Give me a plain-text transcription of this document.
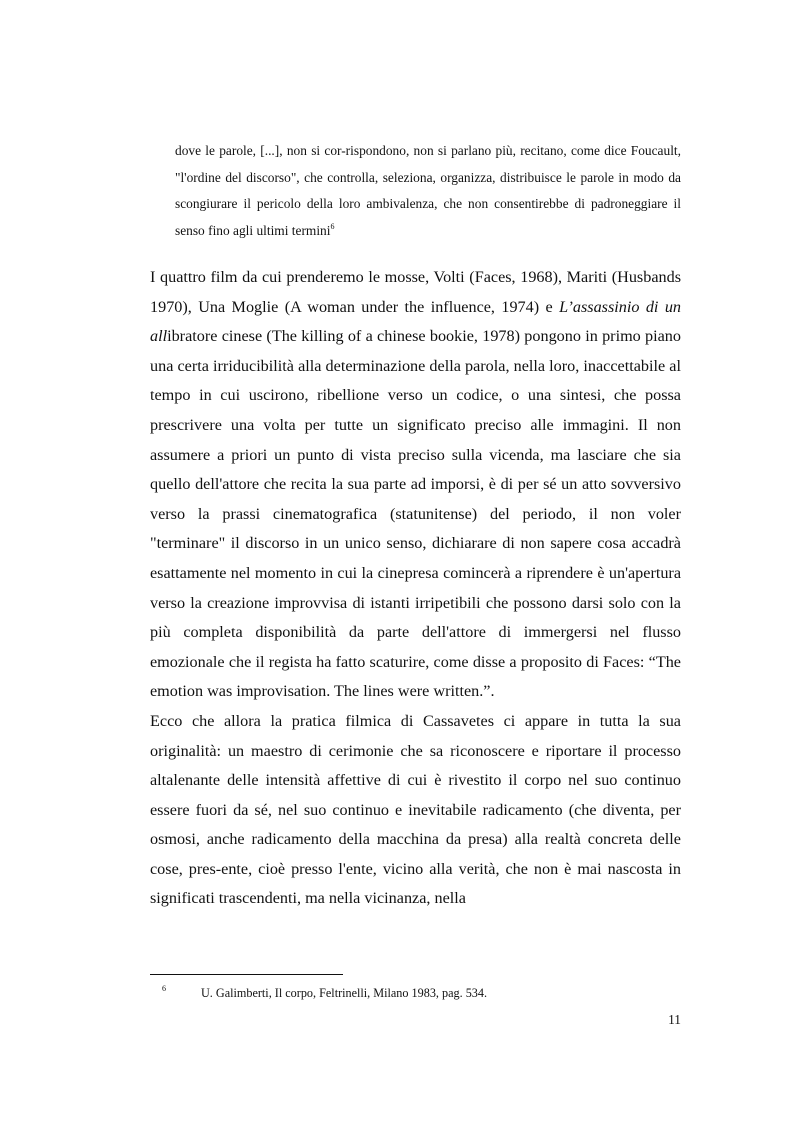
dove le parole, [...], non si cor-rispondono, non si parlano più, recitano, come dice Foucault, "l'ordine del discorso", che controlla, seleziona, organizza, distribuisce le parole in modo da scongiurare il pericolo della loro ambivalenza, che non consentirebbe di padroneggiare il senso fino agli ultimi termini$^6$

I quattro film da cui prenderemo le mosse, Volti (Faces, 1968), Mariti (Husbands 1970), Una Moglie (A woman under the influence, 1974) e L’assassinio di un allibratore cinese (The killing of a chinese bookie, 1978) pongono in primo piano una certa irriducibilità alla determinazione della parola, nella loro, inaccettabile al tempo in cui uscirono, ribellione verso un codice, o una sintesi, che possa prescrivere una volta per tutte un significato preciso alle immagini. Il non assumere a priori un punto di vista preciso sulla vicenda, ma lasciare che sia quello dell'attore che recita la sua parte ad imporsi, è di per sé un atto sovversivo verso la prassi cinematografica (statunitense) del periodo, il non voler "terminare" il discorso in un unico senso, dichiarare di non sapere cosa accadrà esattamente nel momento in cui la cinepresa comincerà a riprendere è un'apertura verso la creazione improvvisa di istanti irripetibili che possono darsi solo con la più completa disponibilità da parte dell'attore di immergersi nel flusso emozionale che il regista ha fatto scaturire, come disse a proposito di Faces: “The emotion was improvisation. The lines were written.”.

Ecco che allora la pratica filmica di Cassavetes ci appare in tutta la sua originalità: un maestro di cerimonie che sa riconoscere e riportare il processo altalenante delle intensità affettive di cui è rivestito il corpo nel suo continuo essere fuori da sé, nel suo continuo e inevitabile radicamento (che diventa, per osmosi, anche radicamento della macchina da presa) alla realtà concreta delle cose, pres-ente, cioè presso l'ente, vicino alla verità, che non è mai nascosta in significati trascendenti, ma nella vicinanza, nella

6	U. Galimberti, Il corpo, Feltrinelli, Milano 1983, pag. 534.
11
